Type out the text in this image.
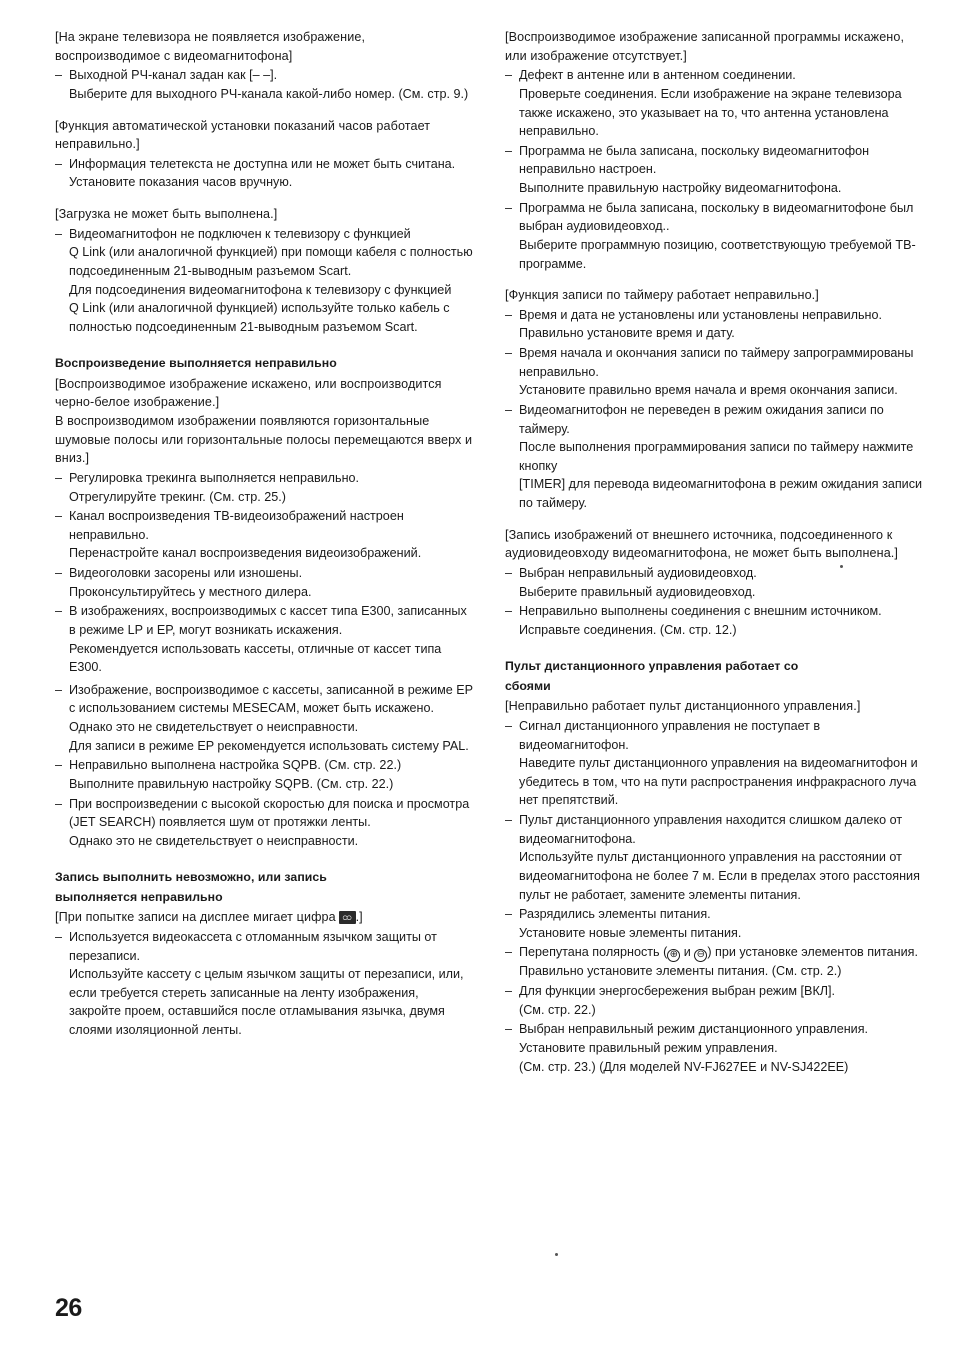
[На экране телевизора не появляется изображение, воспроизводимое с видеомагнитофона]

– Выходной РЧ-канал задан как [– –].
Выберите для выходного РЧ-канала какой-либо номер. (См. стр. 9.)

[Функция автоматической установки показаний часов работает неправильно.]

– Информация телетекста не доступна или не может быть считана.
Установите показания часов вручную.

[Загрузка не может быть выполнена.]

– Видеомагнитофон не подключен к телевизору с функцией
Q Link (или аналогичной функцией) при помощи кабеля с полностью подсоединенным 21-выводным разъемом Scart.
Для подсоединения видеомагнитофона к телевизору с функцией
Q Link (или аналогичной функцией) используйте только кабель с полностью подсоединенным 21-выводным разъемом Scart.

Воспроизведение выполняется неправильно

[Воспроизводимое изображение искажено, или воспроизводится черно-белое изображение.]

В воспроизводимом изображении появляются горизонтальные шумовые полосы или горизонтальные полосы перемещаются вверх и вниз.]

– Регулировка трекинга выполняется неправильно.
Отрегулируйте трекинг. (См. стр. 25.)
– Канал воспроизведения ТВ-видеоизображений настроен неправильно.
Перенастройте канал воспроизведения видеоизображений.
– Видеоголовки засорены или изношены.
Проконсультируйтесь у местного дилера.
– В изображениях, воспроизводимых с кассет типа E300, записанных в режиме LP и EP, могут возникать искажения.
Рекомендуется использовать кассеты, отличные от кассет типа E300.
– Изображение, воспроизводимое с кассеты, записанной в режиме EP с использованием системы MESECAM, может быть искажено.
Однако это не свидетельствует о неисправности.
Для записи в режиме EP рекомендуется использовать систему PAL.
– Неправильно выполнена настройка SQPB. (См. стр. 22.)
Выполните правильную настройку SQPB. (См. стр. 22.)
– При воспроизведении с высокой скоростью для поиска и просмотра (JET SEARCH) появляется шум от протяжки ленты.
Однако это не свидетельствует о неисправности.

Запись выполнить невозможно, или запись

выполняется неправильно

[При попытке записи на дисплее мигает цифра ထ .]

– Используется видеокассета с отломанным язычком защиты от перезаписи.
Используйте кассету с целым язычком защиты от перезаписи, или, если требуется стереть записанные на ленту изображения, закройте проем, оставшийся после отламывания язычка, двумя слоями изоляционной ленты.

[Воспроизводимое изображение записанной программы искажено, или изображение отсутствует.]

– Дефект в антенне или в антенном соединении.
Проверьте соединения. Если изображение на экране телевизора также искажено, это указывает на то, что антенна установлена неправильно.
– Программа не была записана, поскольку видеомагнитофон неправильно настроен.
Выполните правильную настройку видеомагнитофона.
– Программа не была записана, поскольку в видеомагнитофоне был выбран аудиовидеовход..
Выберите программную позицию, соответствующую требуемой ТВ-программе.

[Функция записи по таймеру работает неправильно.]

– Время и дата не установлены или установлены неправильно.
Правильно установите время и дату.
– Время начала и окончания записи по таймеру запрограммированы неправильно.
Установите правильно время начала и время окончания записи.
– Видеомагнитофон не переведен в режим ожидания записи по таймеру.
После выполнения программирования записи по таймеру нажмите кнопку
[TIMER] для перевода видеомагнитофона в режим ожидания записи по таймеру.

[Запись изображений от внешнего источника, подсоединенного к аудиовидеовходу видеомагнитофона, не может быть выполнена.]

– Выбран неправильный аудиовидеовход.
Выберите правильный аудиовидеовход.
– Неправильно выполнены соединения с внешним источником. Исправьте соединения. (См. стр. 12.)

Пульт дистанционного управления работает со

сбоями

[Неправильно работает пульт дистанционного управления.]

– Сигнал дистанционного управления не поступает в видеомагнитофон.
Наведите пульт дистанционного управления на видеомагнитофон и убедитесь в том, что на пути распространения инфракрасного луча нет препятствий.
– Пульт дистанционного управления находится слишком далеко от видеомагнитофона.
Используйте пульт дистанционного управления на расстоянии от видеомагнитофона не более 7 м. Если в пределах этого расстояния пульт не работает, замените элементы питания.
– Разрядились элементы питания.
Установите новые элементы питания.
– Перепутана полярность ( ⊕ и ⊖ ) при установке элементов питания.
Правильно установите элементы питания. (См. стр. 2.)
– Для функции энергосбережения выбран режим [ВКЛ].
(См. стр. 22.)
– Выбран неправильный режим дистанционного управления.
Установите правильный режим управления.
(См. стр. 23.) (Для моделей NV-FJ627EE и NV-SJ422EE)
26
